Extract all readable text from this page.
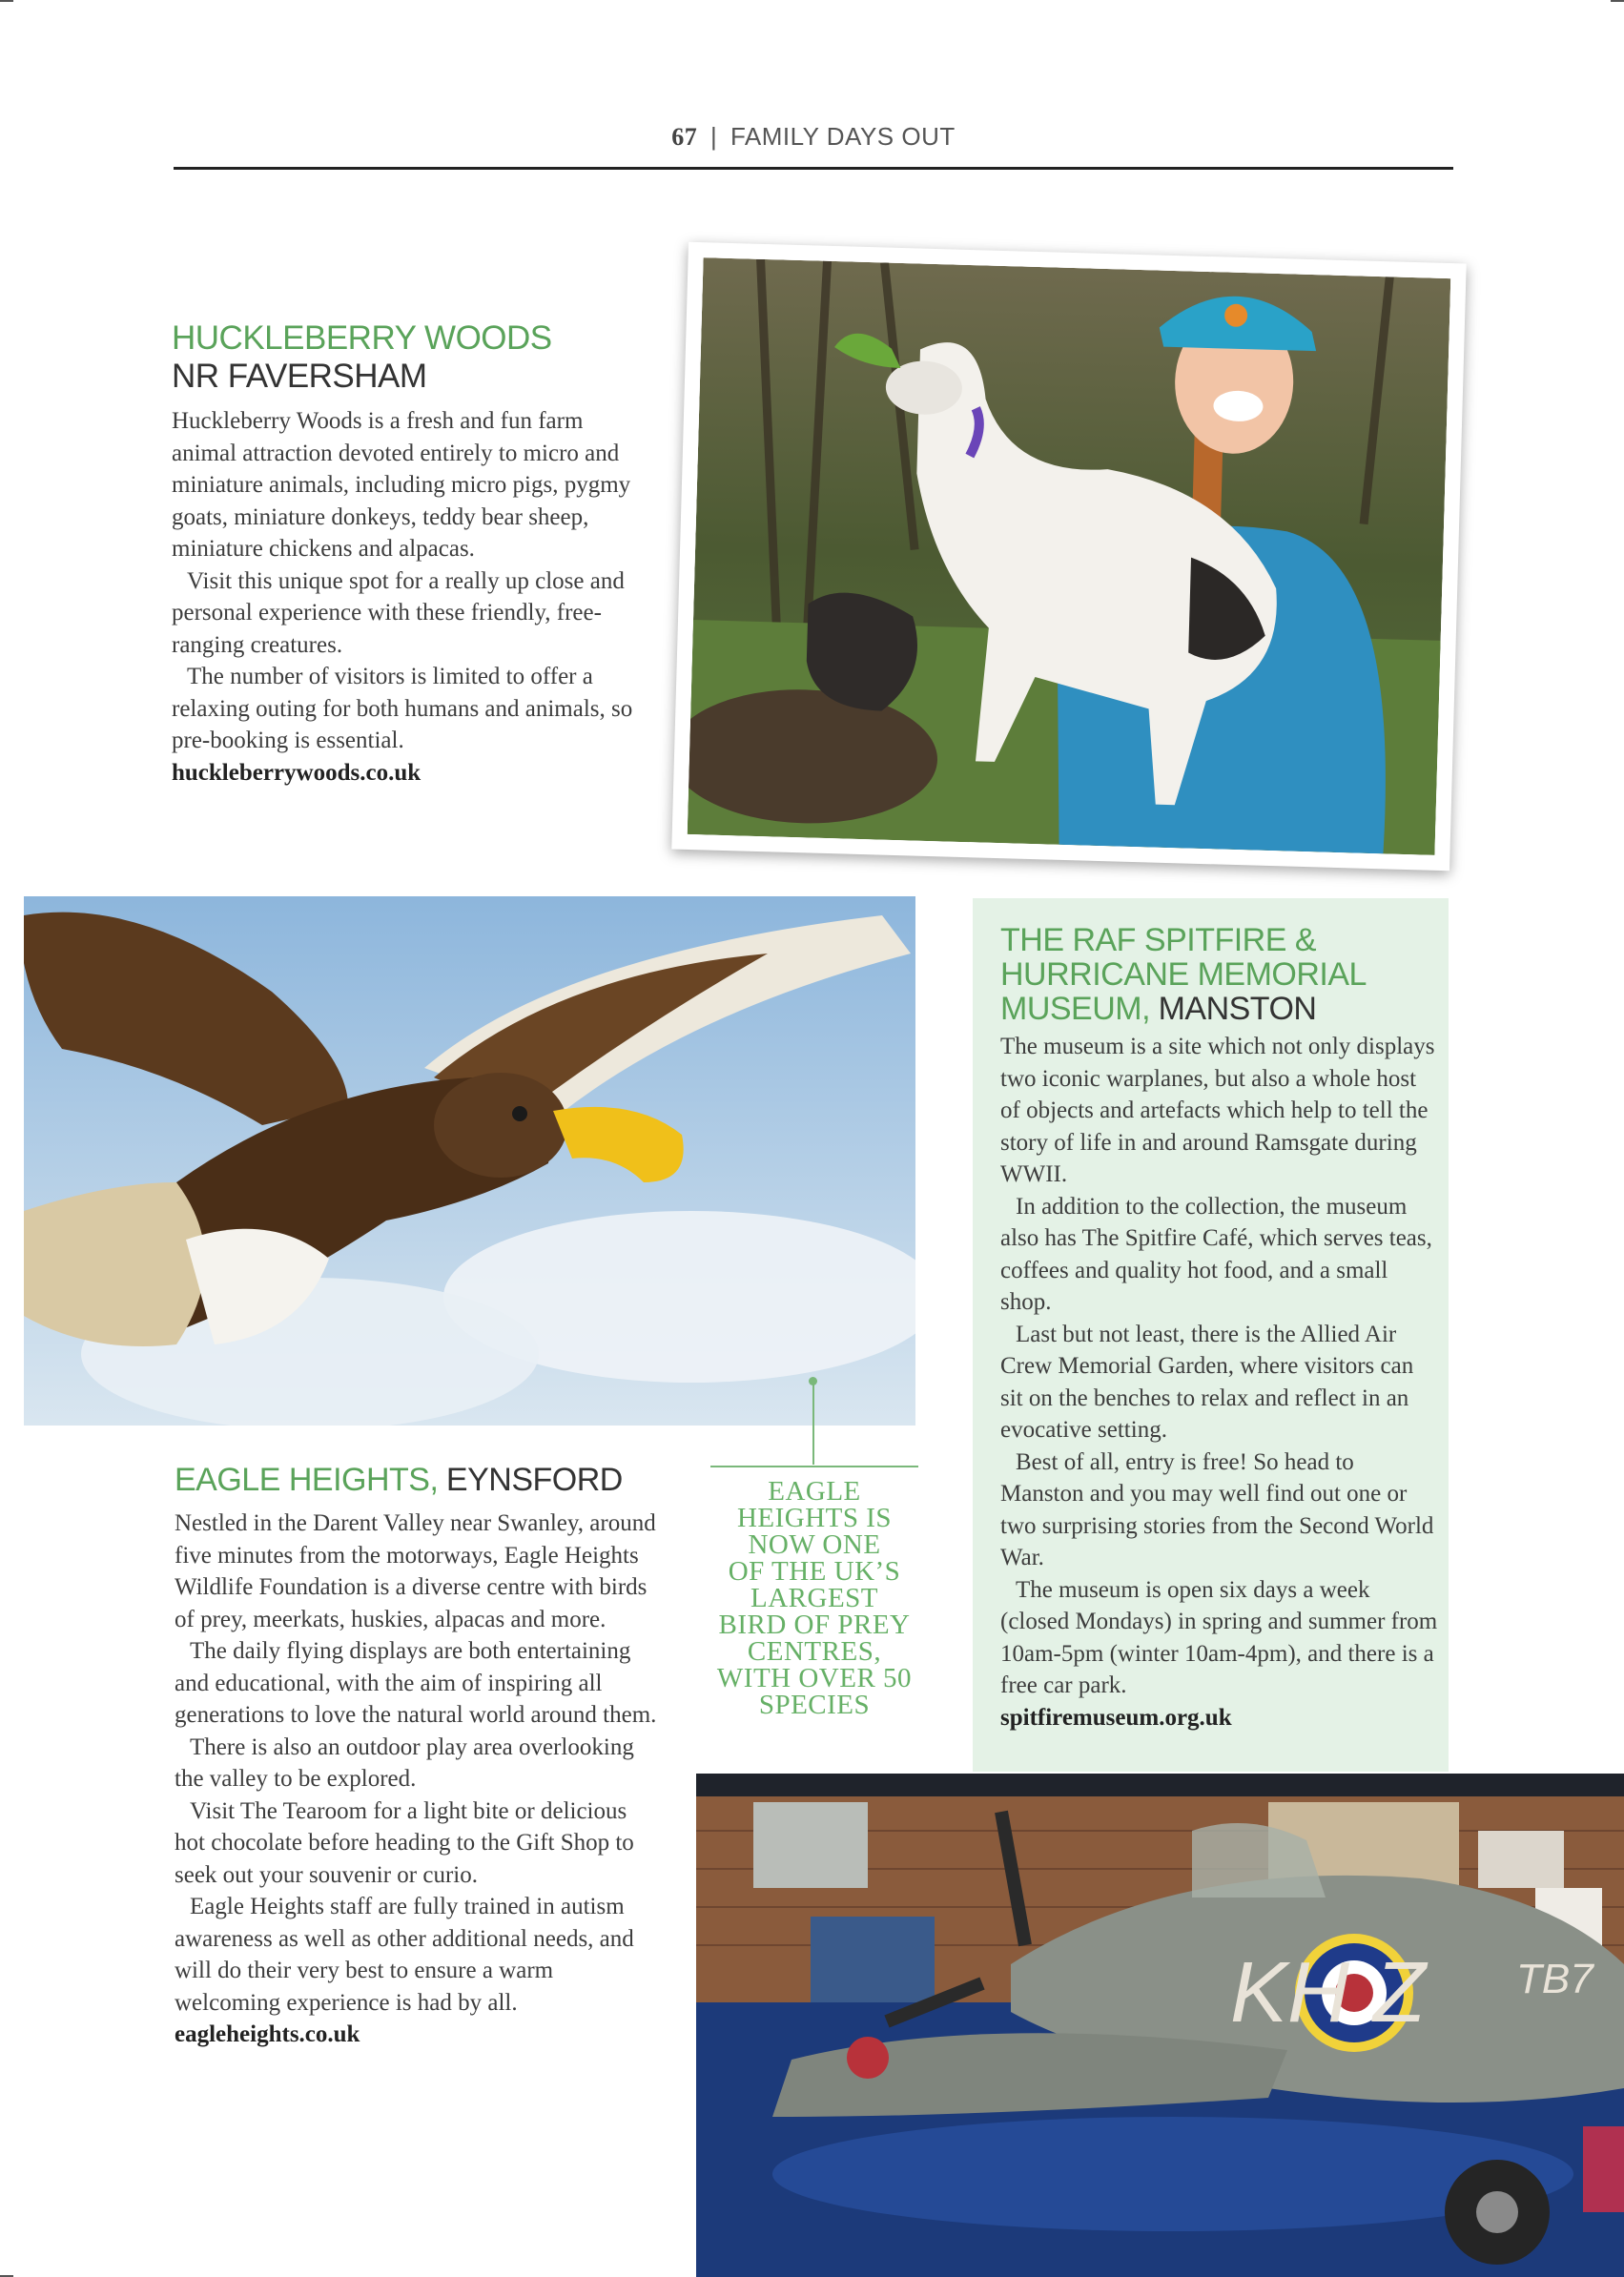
67 | FAMILY DAYS OUT
HUCKLEBERRY WOODS
NR FAVERSHAM

Huckleberry Woods is a fresh and fun farm animal attraction devoted entirely to micro and miniature animals, including micro pigs, pygmy goats, miniature donkeys, teddy bear sheep, miniature chickens and alpacas.

Visit this unique spot for a really up close and personal experience with these friendly, free-ranging creatures.

The number of visitors is limited to offer a relaxing outing for both humans and animals, so pre-booking is essential.

huckleberrywoods.co.uk

EAGLE
HEIGHTS IS
NOW ONE
OF THE UK’S
LARGEST
BIRD OF PREY
CENTRES,
WITH OVER 50
SPECIES
THE RAF SPITFIRE &
HURRICANE MEMORIAL
MUSEUM, MANSTON

The museum is a site which not only displays two iconic warplanes, but also a whole host of objects and artefacts which help to tell the story of life in and around Ramsgate during WWII.

In addition to the collection, the museum also has The Spitfire Café, which serves teas, coffees and quality hot food, and a small shop.

Last but not least, there is the Allied Air Crew Memorial Garden, where visitors can sit on the benches to relax and reflect in an evocative setting.

Best of all, entry is free! So head to Manston and you may well find out one or two surprising stories from the Second World War.

The museum is open six days a week (closed Mondays) in spring and summer from 10am-5pm (winter 10am-4pm), and there is a free car park.

spitfiremuseum.org.uk

EAGLE HEIGHTS, EYNSFORD

Nestled in the Darent Valley near Swanley, around five minutes from the motorways, Eagle Heights Wildlife Foundation is a diverse centre with birds of prey, meerkats, huskies, alpacas and more.

The daily flying displays are both entertaining and educational, with the aim of inspiring all generations to love the natural world around them.

There is also an outdoor play area overlooking the valley to be explored.

Visit The Tearoom for a light bite or delicious hot chocolate before heading to the Gift Shop to seek out your souvenir or curio.

Eagle Heights staff are fully trained in autism awareness as well as other additional needs, and will do their very best to ensure a warm welcoming experience is had by all.

eagleheights.co.uk	KH Z TB7
